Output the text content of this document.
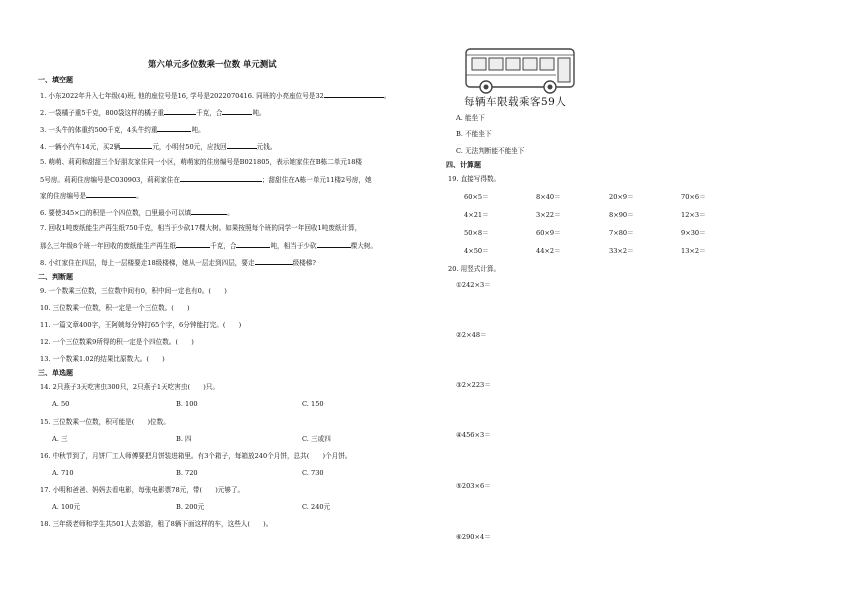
第六单元多位数乘一位数 单元测试
一、填空题
1. 小东2022年升入七年级(4)班, 他的座位号是16, 学号是2022070416. 同班的小亮座位号是32	。
2. 一袋橘子重5千克，800袋这样的橘子重	千克，合	吨。
3. 一头牛的体重约500千克，4头牛约重	吨。
4. 一辆小汽车14元，买2辆	元，小明付50元，应找回	元钱。
5. 萌萌、莉莉和甜甜三个好朋友家住同一小区，萌萌家的住房编号是B021805，表示她家住在B栋二单元18楼
5号房。莉莉住房编号是C030903，莉莉家住在	；甜甜住在A栋一单元11楼2号房，她
家的住房编号是	。
6. 要使345×□的积是一个四位数，□里最小可以填	。
7. 回收1吨废纸能生产再生纸750千克，相当于少砍17棵大树。如果按照每个班的同学一年回收1吨废纸计算，
那么三年级8个班一年回收的废纸能生产再生纸	千克，合	吨，相当于少砍	棵大树。
8. 小红家住在四层，每上一层楼要走18级楼梯，她从一层走到四层，要走	级楼梯?
二、判断题
9. 一个数乘三位数，三位数中间有0，积中间一定也有0。(　　)
10. 三位数乘一位数，积一定是一个三位数。(　　)
11. 一篇文章400字，王阿姨每分钟打65个字，6分钟能打完。(　　)
12. 一个三位数乘9所得的积一定是个四位数。(　　)
13. 一个数乘1.02的结果比原数大。(　　)
三、单选题
14. 2只燕子3天吃害虫300只，2只燕子1天吃害虫(　　)只。
A. 50	B. 100	C. 150
15. 三位数乘一位数，积可能是(　　)位数。
A. 三	B. 四	C. 三或四
16. 中秋节到了，月饼厂工人师傅要把月饼装进箱里。有3个箱子，每箱放240个月饼，总共(　　)个月饼。
A. 710	B. 720	C. 730
17. 小明和爸爸、妈妈去看电影，每张电影票78元，带(　　)元够了。
A. 100元	B. 200元	C. 240元
18. 三年级老师和学生共501人去郊游，租了8辆下面这样的车，这些人(　　)。
每辆车限载乘客59人
A. 能坐下
B. 不能坐下
C. 无法判断能不能坐下
四、计算题
19. 直接写得数。
60×5＝	8×40＝	20×9＝	70×6＝
4×21＝	3×22＝	8×90＝	12×3＝
50×8＝	60×9＝	7×80＝	9×30＝
4×50＝	44×2＝	33×2＝	13×2＝
20. 用竖式计算。
①242×3＝
②2×48＝
③2×223＝
④456×3＝
⑤203×6＝
⑥290×4＝
